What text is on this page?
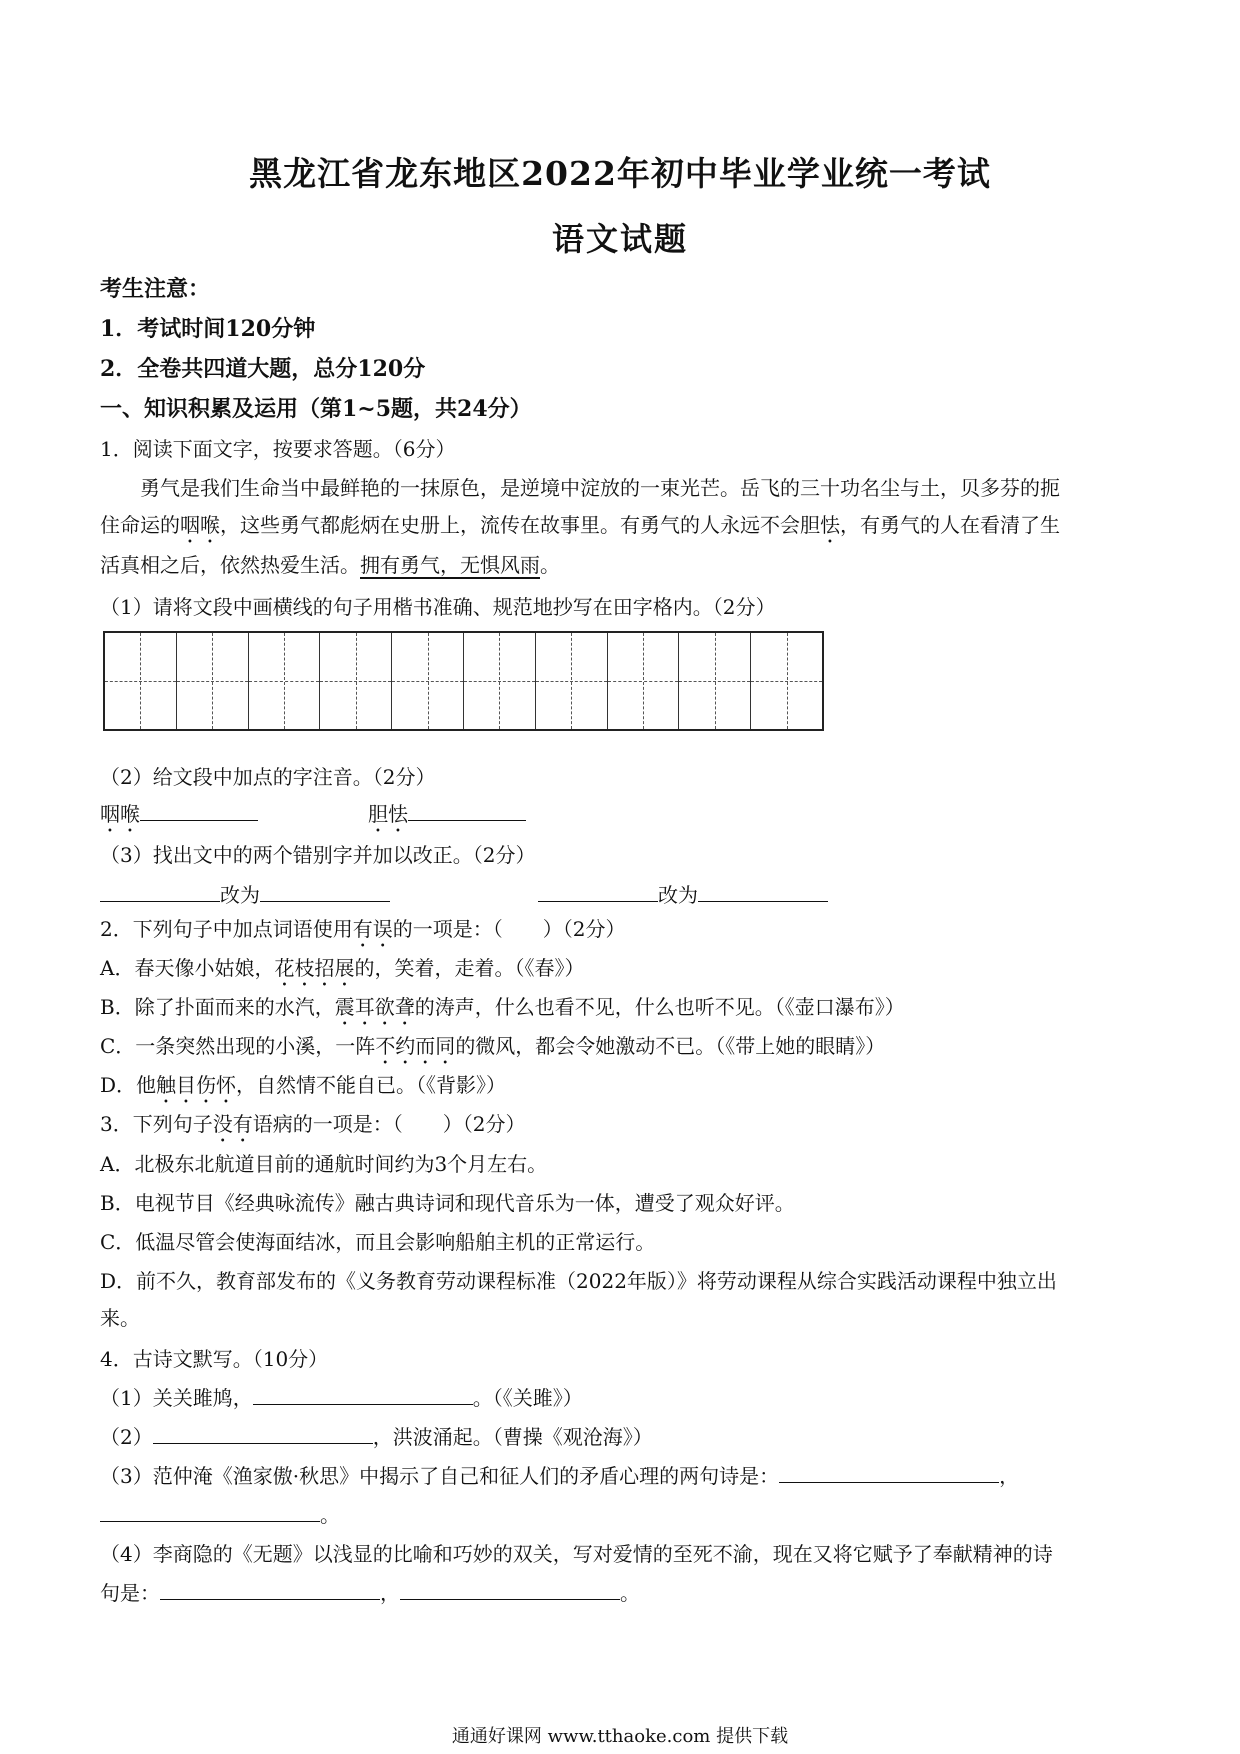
黑龙江省龙东地区2022年初中毕业学业统一考试
语文试题
考生注意：
1．考试时间120分钟
2．全卷共四道大题，总分120分
一、知识积累及运用（第1~5题，共24分）
1．阅读下面文字，按要求答题。（6分）
勇气是我们生命当中最鲜艳的一抹原色，是逆境中淀放的一束光芒。岳飞的三十功名尘与土，贝多芬的扼
住命运的咽喉，这些勇气都彪炳在史册上，流传在故事里。有勇气的人永远不会胆怯，有勇气的人在看清了生
活真相之后，依然热爱生活。拥有勇气，无惧风雨。
（1）请将文段中画横线的句子用楷书准确、规范地抄写在田字格内。（2分）
（2）给文段中加点的字注音。（2分）
咽喉	胆怯
（3）找出文中的两个错别字并加以改正。（2分）
改为	改为
2．下列句子中加点词语使用有误的一项是：（　　）（2分）
A．春天像小姑娘，花枝招展的，笑着，走着。（《春》）
B．除了扑面而来的水汽，震耳欲聋的涛声，什么也看不见，什么也听不见。（《壶口瀑布》）
C．一条突然出现的小溪，一阵不约而同的微风，都会令她激动不已。（《带上她的眼睛》）
D．他触目伤怀，自然情不能自已。（《背影》）
3．下列句子没有语病的一项是：（　　）（2分）
A．北极东北航道目前的通航时间约为3个月左右。
B．电视节目《经典咏流传》融古典诗词和现代音乐为一体，遭受了观众好评。
C．低温尽管会使海面结冰，而且会影响船舶主机的正常运行。
D．前不久，教育部发布的《义务教育劳动课程标准（2022年版）》将劳动课程从综合实践活动课程中独立出
来。
4．古诗文默写。（10分）
（1）关关雎鸠，	。（《关雎》）
（2）	，洪波涌起。（曹操《观沧海》）
（3）范仲淹《渔家傲·秋思》中揭示了自己和征人们的矛盾心理的两句诗是：	，
。
（4）李商隐的《无题》以浅显的比喻和巧妙的双关，写对爱情的至死不渝，现在又将它赋予了奉献精神的诗
句是：	，	。
通通好课网 www.tthaoke.com 提供下载
